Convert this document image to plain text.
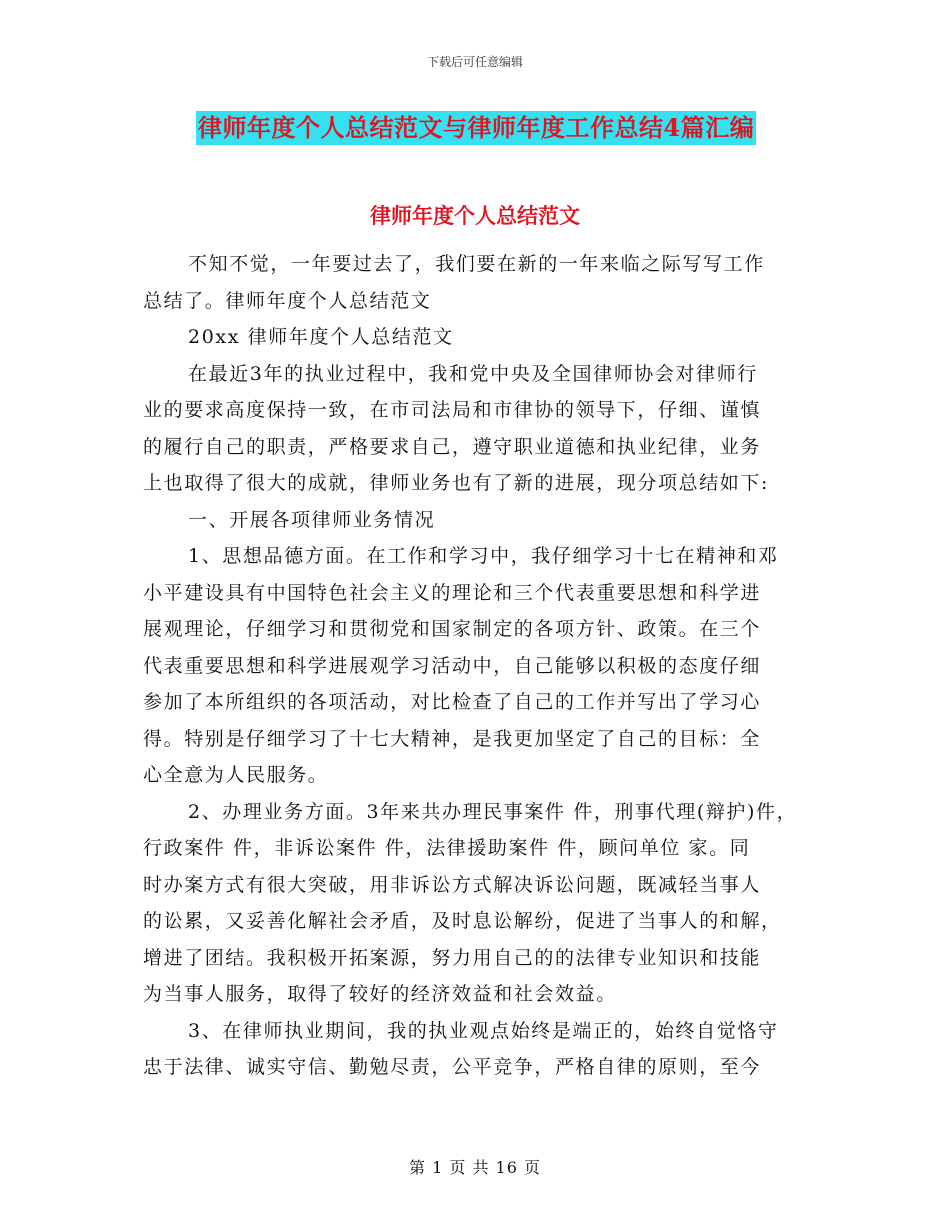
下载后可任意编辑
律师年度个人总结范文与律师年度工作总结4篇汇编
律师年度个人总结范文
不知不觉，一年要过去了，我们要在新的一年来临之际写写工作
总结了。律师年度个人总结范文
20xx 律师年度个人总结范文
在最近3年的执业过程中，我和党中央及全国律师协会对律师行
业的要求高度保持一致，在市司法局和市律协的领导下，仔细、谨慎
的履行自己的职责，严格要求自己，遵守职业道德和执业纪律，业务
上也取得了很大的成就，律师业务也有了新的进展，现分项总结如下:
一、开展各项律师业务情况
1、思想品德方面。在工作和学习中，我仔细学习十七在精神和邓
小平建设具有中国特色社会主义的理论和三个代表重要思想和科学进
展观理论，仔细学习和贯彻党和国家制定的各项方针、政策。在三个
代表重要思想和科学进展观学习活动中，自己能够以积极的态度仔细
参加了本所组织的各项活动，对比检查了自己的工作并写出了学习心
得。特别是仔细学习了十七大精神，是我更加坚定了自己的目标：全
心全意为人民服务。
2、办理业务方面。3年来共办理民事案件 件，刑事代理(辩护)件，
行政案件 件，非诉讼案件 件，法律援助案件 件，顾问单位 家。同
时办案方式有很大突破，用非诉讼方式解决诉讼问题，既减轻当事人
的讼累，又妥善化解社会矛盾，及时息讼解纷，促进了当事人的和解，
增进了团结。我积极开拓案源，努力用自己的的法律专业知识和技能
为当事人服务，取得了较好的经济效益和社会效益。
3、在律师执业期间，我的执业观点始终是端正的，始终自觉恪守
忠于法律、诚实守信、勤勉尽责，公平竞争，严格自律的原则，至今
第 1 页 共 16 页
